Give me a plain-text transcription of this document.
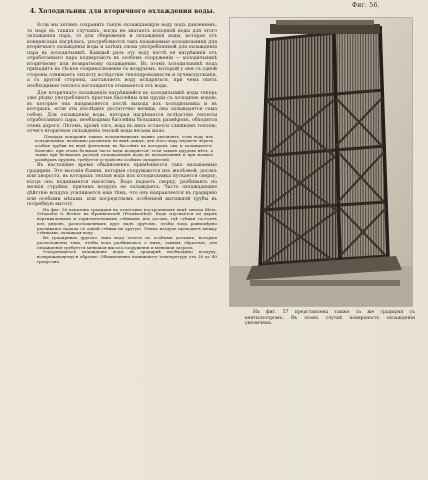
4. Холодильник для вторичного охлаждения воды.
Фиг. 56.

Если мы хотимъ сохранить такую охлаждающую воду подъ давленіемъ, то надо въ такихъ случаяхъ, когда не хватаетъ холодной воды для этого охлажденія пара, то для сбереженія и охлажденія воды, которая отъ конденсаціи нагрѣлась, употребляются такъ называемые холодильники для вторичнаго охлажденія воды и затѣмъ снова употребляемой для охлажденія пара въ холодильникѣ. Каждый разъ эту воду послѣ ея нагрѣванія отъ отработаннаго пара подвергаютъ въ особомъ сооруженіи — холодильникѣ вторичному или возвратному охлажденію. Въ этомъ холодильникѣ вода приходитъ въ тѣсное соприкосновеніе съ воздухомъ, который у нея съ одной стороны отнимаетъ теплоту вслѣдствіе теплопроводности и лучеиспусканія, а съ другой стороны, заставляетъ воду испаряться, при чемъ опять необходимая теплота поглощается отнимается отъ воды.

Для вторичнаго охлажденія нагрѣвшейся въ холодильникѣ воды теперь уже рѣдко употребляютъ простые бассейны или пруды съ холодною водою, въ которые она направляется послѣ выхода изъ холодильника и въ которыхъ, если эти послѣдніе достаточно велики, она охлаждается сама собою. Для охлажденія воды, которая нагрѣвается вслѣдствіе теплоты отработаннаго пара, необходимы бассейны большихъ размѣровъ, обходятся очень дорого. Лѣтомъ, кромѣ того, вода въ нихъ остается слишкомъ теплою, отчего вторичное охлажденіе теплой воды весьма мало.

Площадь испаренія такихъ холодильниковъ можно увеличить, если воду изъ холодильника, возможно распылять въ видѣ дождя; для этого воду подаютъ черезъ особыя трубки въ видѣ фонтановъ въ бассейнъ въ которомъ она и охлаждается. Конечно, при этомъ большая часть воды испаряется; если такихъ прудовъ нѣтъ, а также при большомъ расходѣ охлаждающей воды въ холодильникѣ и при малыхъ размѣрахъ прудовъ, требуется устройство особыхъ охладителей.

Въ настоящее время обыкновенно примѣняются такъ называемые градирни. Это высокія башни, которыя сооружаются изъ желѣзной, досокъ или хвороста, въ которыхъ теплая вода изъ холодильника пускается сверху, когда она поднимается насосомъ. Вода падаетъ сверху, разбиваясь на мелкія струйки, причемъ воздухъ ее охлаждаетъ. Часто охлаждающее дѣйствіе воздуха усиливается еще тѣмъ, что онъ направляется въ градирню или особыми мѣхами, или посредствомъ особенной вытяжной трубы въ потребную высоту.

На фиг. 56 показана градирня въ отчетливо построенномъ видѣ завода Klein, Schanzlin & Becker въ Франкенталѣ (Frankenthal). Вода спускается по двумъ вертикальнымъ и горизонтальнымъ стѣнкамъ изъ досокъ, гдѣ стѣнки состоятъ изъ рядовъ, расположенныхъ друг надъ другомъ, чтобы вода равномѣрно разливаясь падала съ одной стѣнки на другую. Этимъ воздухъ проходитъ между стѣнками, охлаждая воду.

Въ градирняхъ другаго типа вода течетъ по особымъ доскамъ, которыя расположены такъ, чтобы вода разбивалась о нихъ; такимъ образомъ, для охлажденія требуется меньшая высота сооруженія и меньшая затрата.

Ускоряющееся охлажденіе воды въ градирнѣ необходимо воздуху, возвращающемуся обратно. Обыкновенно понижаютъ температуру отъ 30 до 40 градусовъ.

На фиг. 57 представлена также та же градирня съ вентиляторомъ. Въ этомъ случаѣ поверхность охлажденія увеличена.
